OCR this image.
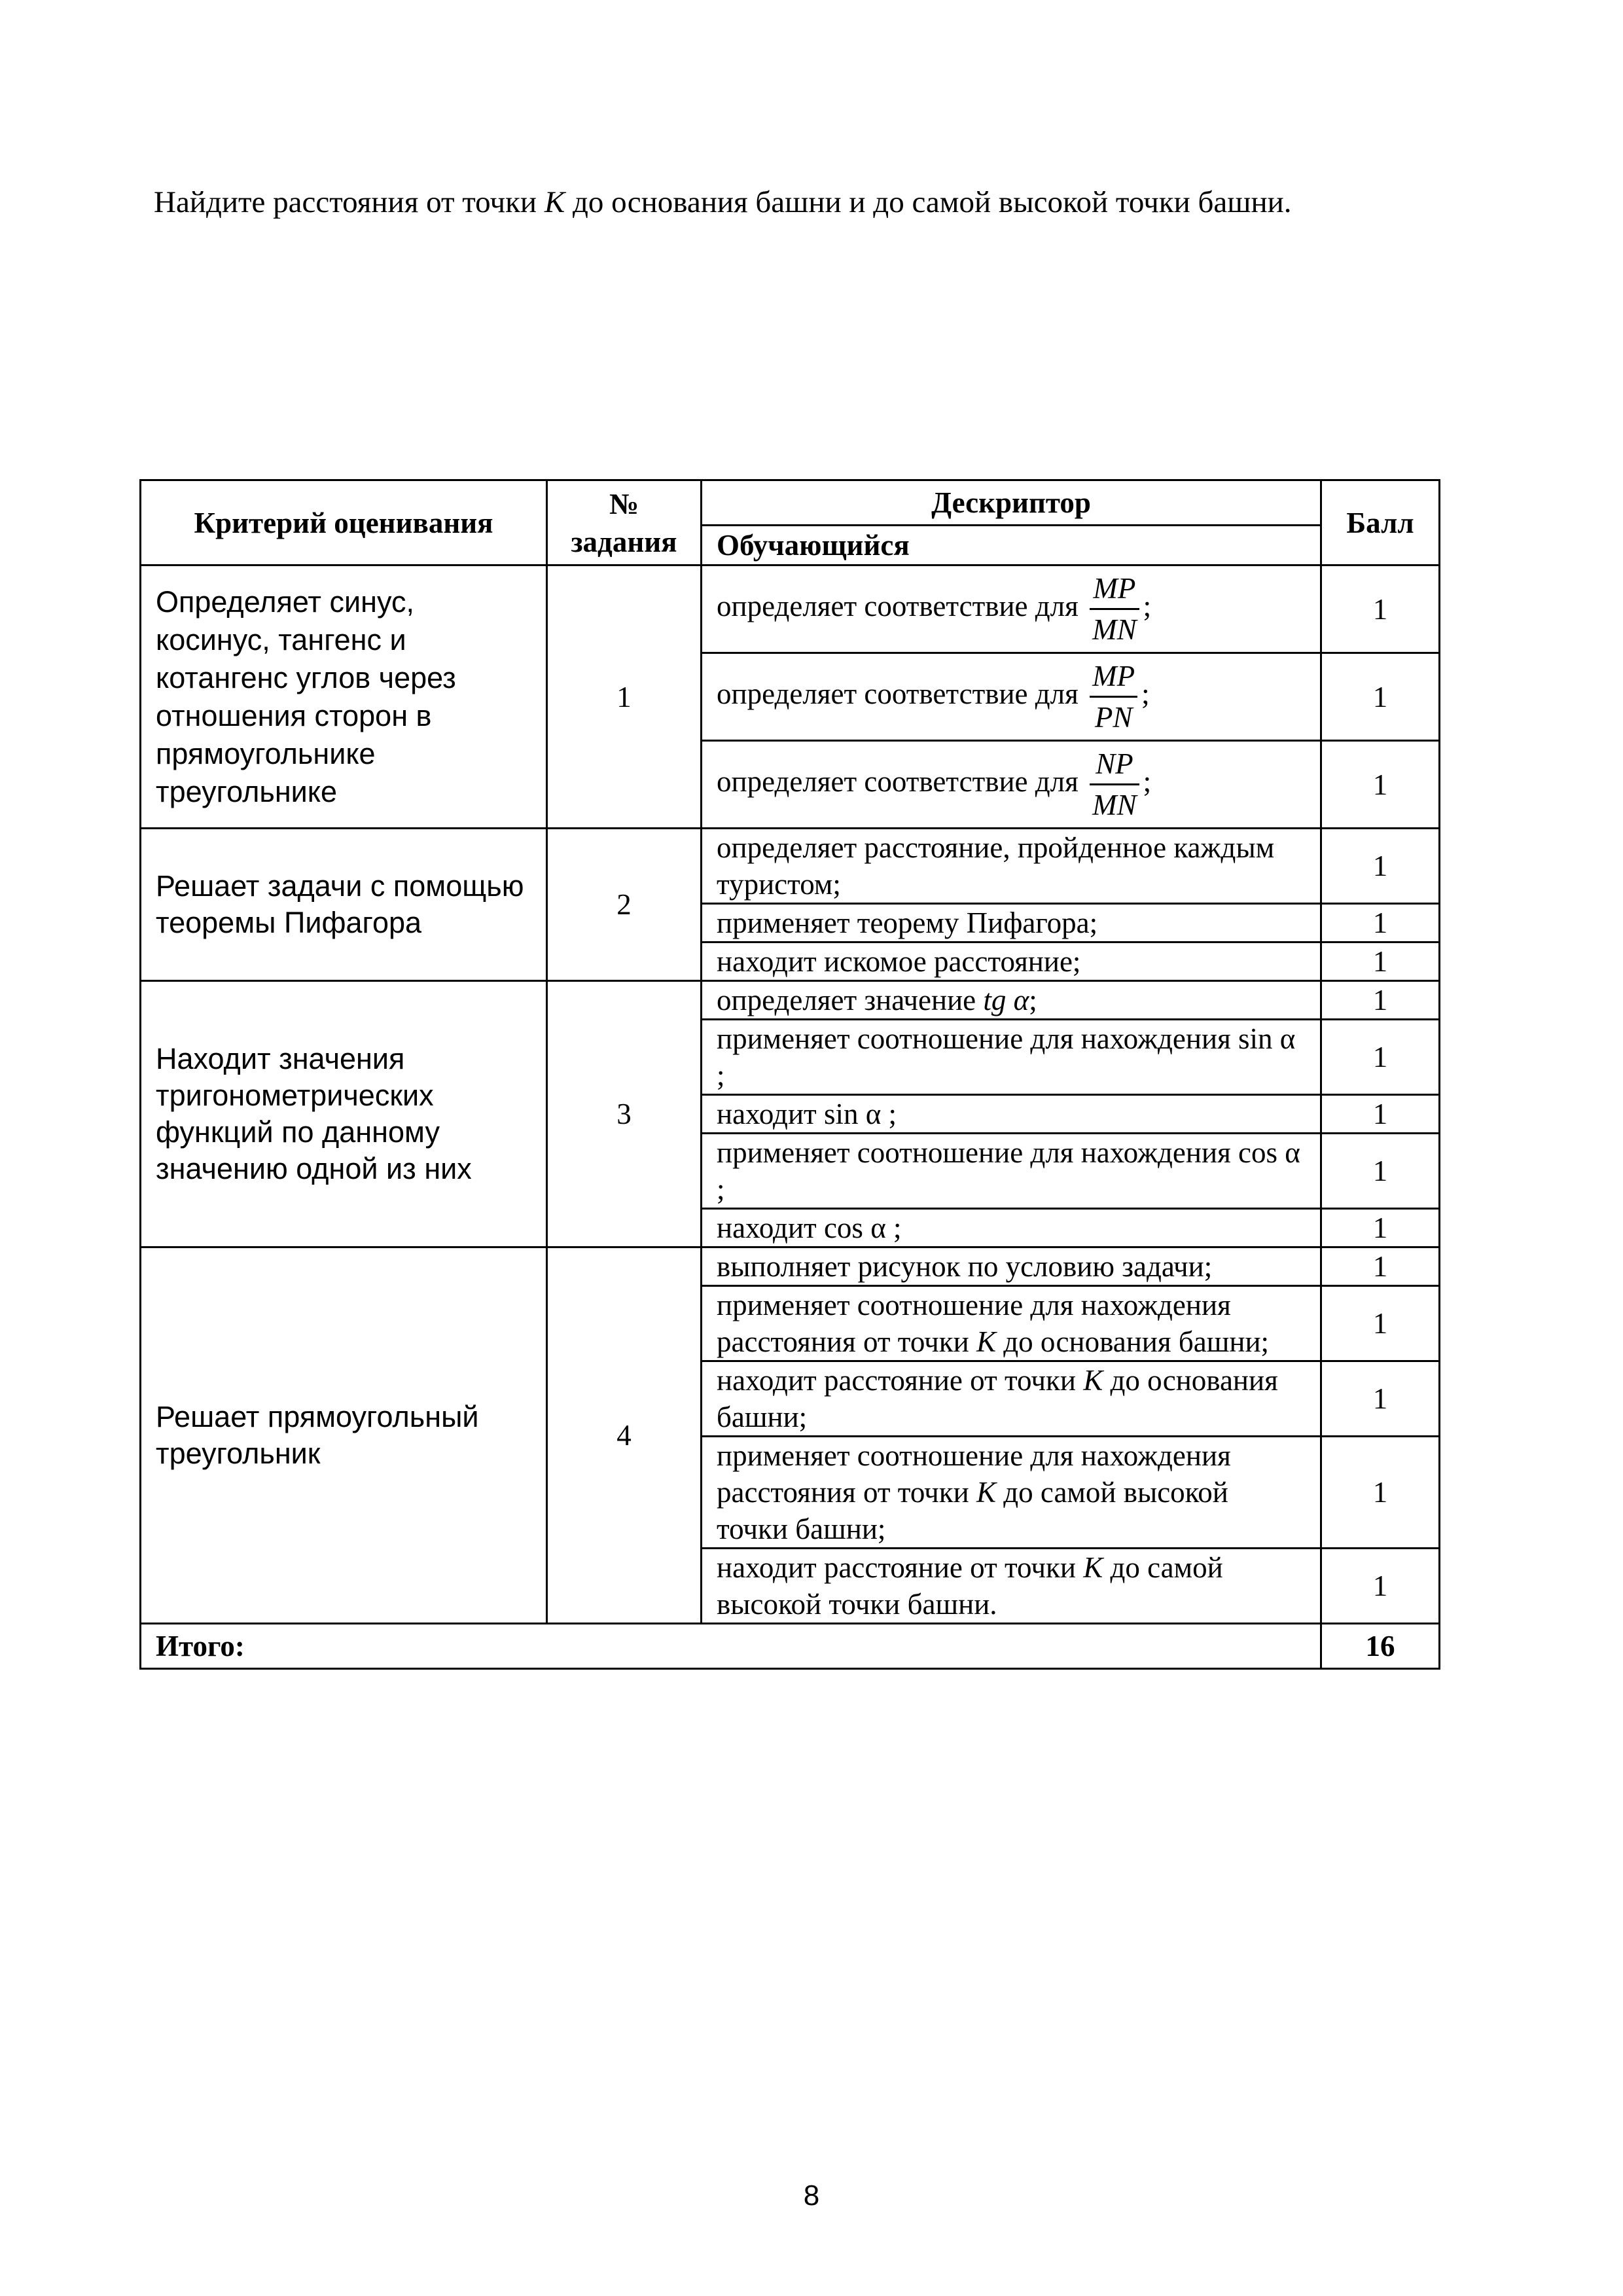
Найдите расстояния от точки K до основания башни и до самой высокой точки башни.

Критерий оценивания	№ задания	Дескриптор	Балл
		Обучающийся	
Определяет синус, косинус, тангенс и котангенс углов через отношения сторон в прямоугольнике треугольнике	1	определяет соответствие для $\frac{MP}{MN}$ ;	1
		определяет соответствие для $\frac{MP}{PN}$ ;	1
		определяет соответствие для $\frac{NP}{MN}$ ;	1
Решает задачи с помощью теоремы Пифагора	2	определяет расстояние, пройденное каждым туристом;	1
		применяет теорему Пифагора;	1
		находит искомое расстояние;	1
Находит значения тригонометрических функций по данному значению одной из них	3	определяет значение tg α;	1
		применяет соотношение для нахождения sin α ;	1
		находит sin α ;	1
		применяет соотношение для нахождения cos α ;	1
		находит cos α ;	1
Решает прямоугольный треугольник	4	выполняет рисунок по условию задачи;	1
		применяет соотношение для нахождения расстояния от точки K до основания башни;	1
		находит расстояние от точки K до основания башни;	1
		применяет соотношение для нахождения расстояния от точки K до самой высокой точки башни;	1
		находит расстояние от точки K до самой высокой точки башни.	1
Итого:			16
8
